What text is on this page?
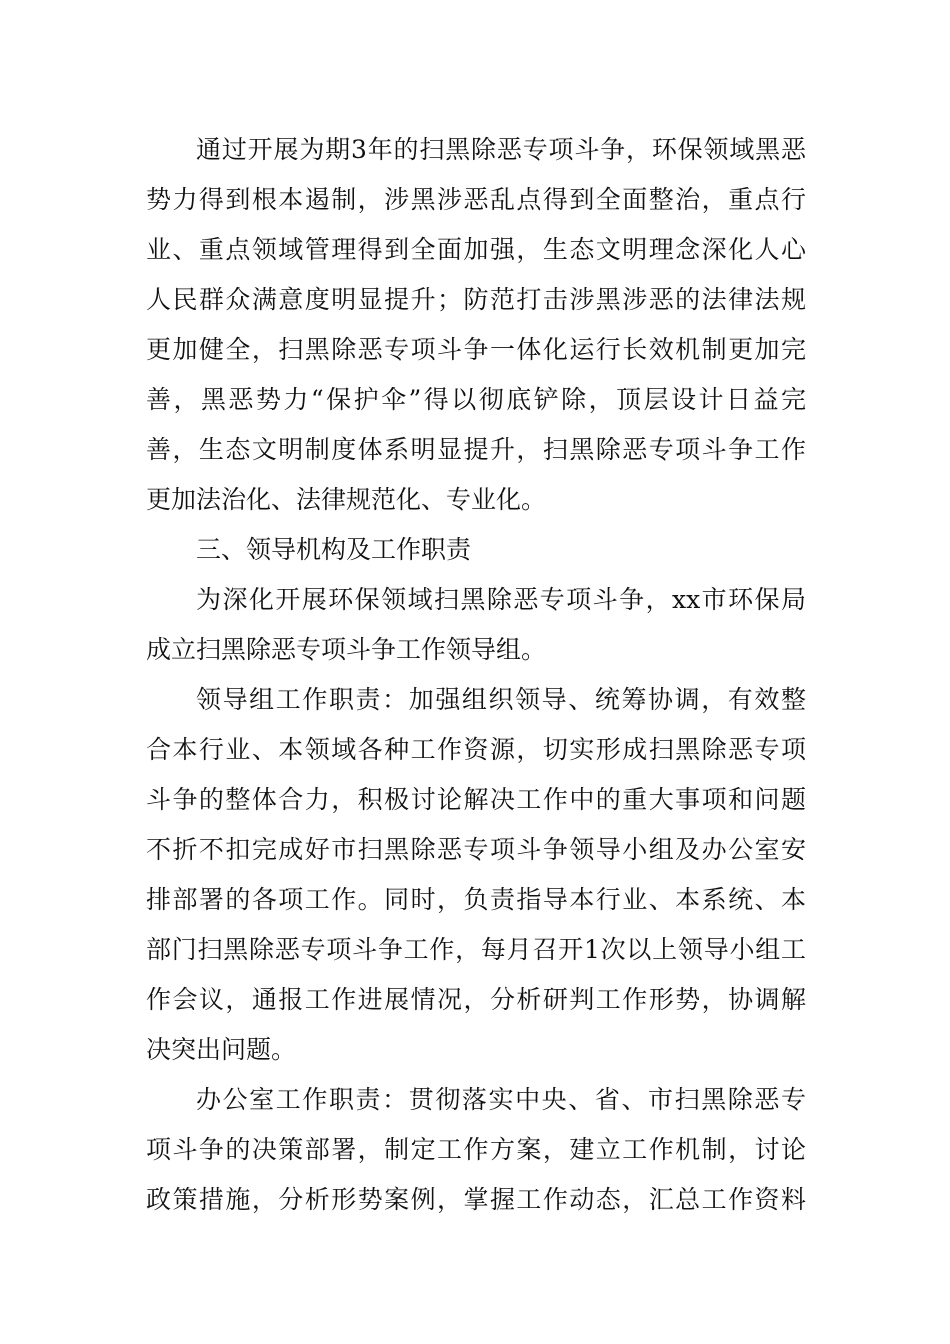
通过开展为期3年的扫黑除恶专项斗争，环保领域黑恶
势力得到根本遏制，涉黑涉恶乱点得到全面整治，重点行
业、重点领域管理得到全面加强，生态文明理念深化人心
人民群众满意度明显提升；防范打击涉黑涉恶的法律法规
更加健全，扫黑除恶专项斗争一体化运行长效机制更加完
善，黑恶势力“保护伞”得以彻底铲除，顶层设计日益完
善，生态文明制度体系明显提升，扫黑除恶专项斗争工作
更加法治化、法律规范化、专业化。
三、领导机构及工作职责
为深化开展环保领域扫黑除恶专项斗争，xx市环保局
成立扫黑除恶专项斗争工作领导组。
领导组工作职责：加强组织领导、统筹协调，有效整
合本行业、本领域各种工作资源，切实形成扫黑除恶专项
斗争的整体合力，积极讨论解决工作中的重大事项和问题
不折不扣完成好市扫黑除恶专项斗争领导小组及办公室安
排部署的各项工作。同时，负责指导本行业、本系统、本
部门扫黑除恶专项斗争工作，每月召开1次以上领导小组工
作会议，通报工作进展情况，分析研判工作形势，协调解
决突出问题。
办公室工作职责：贯彻落实中央、省、市扫黑除恶专
项斗争的决策部署，制定工作方案，建立工作机制，讨论
政策措施，分析形势案例，掌握工作动态，汇总工作资料
